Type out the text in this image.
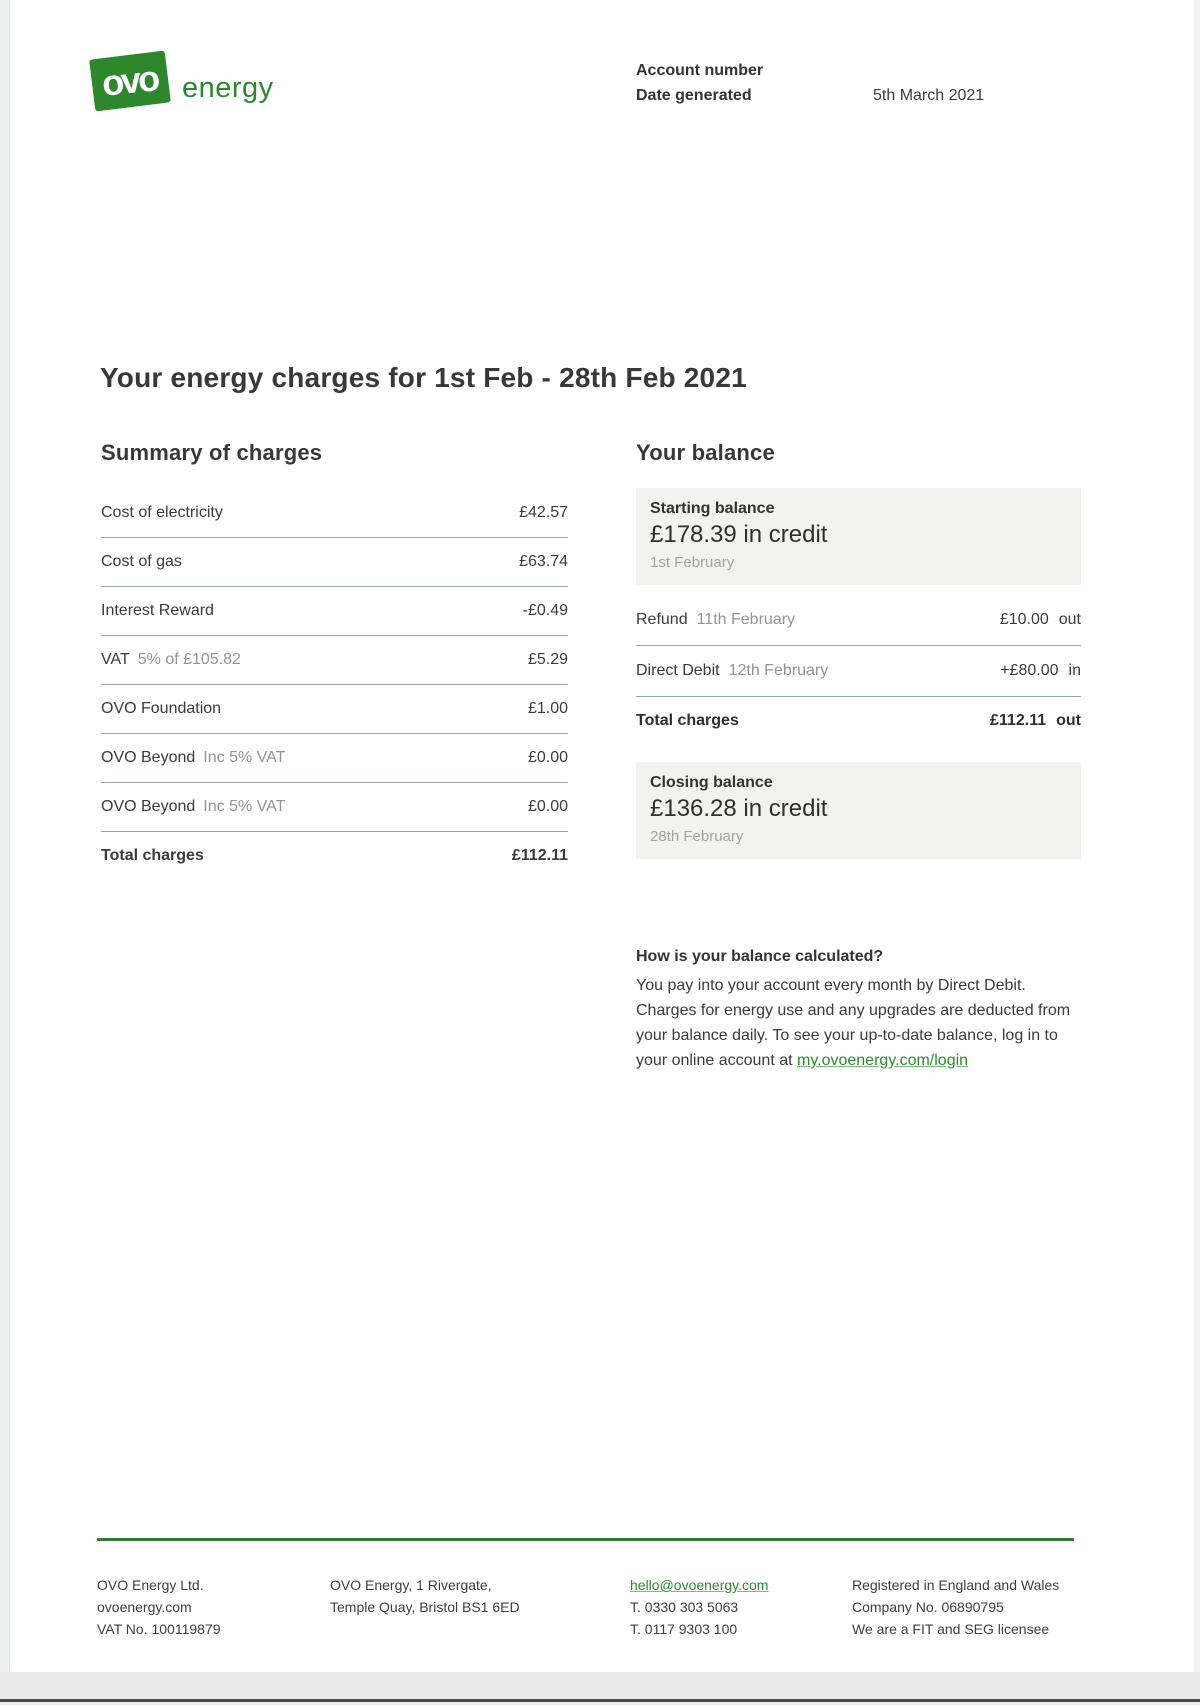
ovo energy
Account number
Date generated	5th March 2021
Your energy charges for 1st Feb - 28th Feb 2021
Summary of charges
Cost of electricity	£42.57
Cost of gas	£63.74
Interest Reward	-£0.49
VAT 5% of £105.82	£5.29
OVO Foundation	£1.00
OVO Beyond Inc 5% VAT	£0.00
OVO Beyond Inc 5% VAT	£0.00
Total charges	£112.11
Your balance
Starting balance
£178.39 in credit
1st February
Refund 11th February	£10.00 out
Direct Debit 12th February	+£80.00 in
Total charges	£112.11 out
Closing balance
£136.28 in credit
28th February
How is your balance calculated?

You pay into your account every month by Direct Debit. Charges for energy use and any upgrades are deducted from your balance daily. To see your up-to-date balance, log in to your online account at my.ovoenergy.com/login

OVO Energy Ltd.
ovoenergy.com
VAT No. 100119879
OVO Energy, 1 Rivergate,
Temple Quay, Bristol BS1 6ED
hello@ovoenergy.com
T. 0330 303 5063
T. 0117 9303 100
Registered in England and Wales
Company No. 06890795
We are a FIT and SEG licensee
